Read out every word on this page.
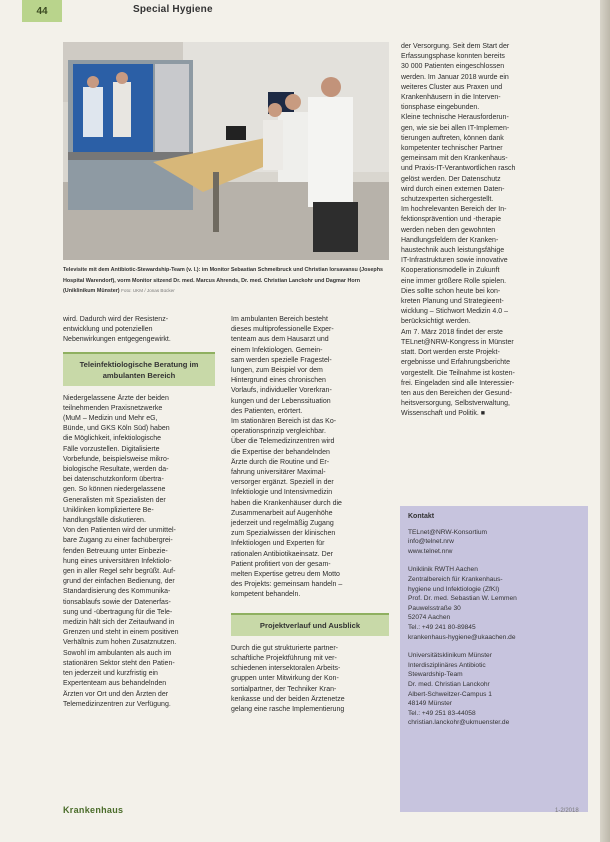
44	Special Hygiene
Televisite mit dem Antibiotic-Stewardship-Team (v. l.): im Monitor Sebastian Schmeibruck und Christian Iorsavansu (Josephs Hospital Warendorf), vorm Monitor sitzend Dr. med. Marcus Ahrends, Dr. med. Christian Lanckohr und Dagmar Horn (Uniklinikum Münster) Foto: UKM / Jonas Bücker

wird. Dadurch wird der Resistenz-
entwicklung und potenziellen
Nebenwirkungen entgegengewirkt.

Teleinfektiologische Beratung im ambulanten Bereich

Niedergelassene Ärzte der beiden
teilnehmenden Praxisnetzwerke
(MuM – Medizin und Mehr eG,
Bünde, und GKS Köln Süd) haben
die Möglichkeit, infektiologische
Fälle vorzustellen. Digitalisierte
Vorbefunde, beispielsweise mikro-
biologische Resultate, werden da-
bei datenschutzkonform übertra-
gen. So können niedergelassene
Generalisten mit Spezialisten der
Uniklinken kompliziertere Be-
handlungsfälle diskutieren.
Von den Patienten wird der unmittel-
bare Zugang zu einer fachübergrei-
fenden Betreuung unter Einbezie-
hung eines universitären Infektiolo-
gen in aller Regel sehr begrüßt. Auf-
grund der einfachen Bedienung, der
Standardisierung des Kommunika-
tionsablaufs sowie der Datenerfas-
sung und -übertragung für die Tele-
medizin hält sich der Zeitaufwand in
Grenzen und steht in einem positiven
Verhältnis zum hohen Zusatznutzen.
Sowohl im ambulanten als auch im
stationären Sektor steht den Patien-
ten jederzeit und kurzfristig ein
Expertenteam aus behandelnden
Ärzten vor Ort und den Ärzten der
Telemedizinzentren zur Verfügung.

Im ambulanten Bereich besteht
dieses multiprofessionelle Exper-
tenteam aus dem Hausarzt und
einem Infektiologen. Gemein-
sam werden spezielle Fragestel-
lungen, zum Beispiel vor dem
Hintergrund eines chronischen
Vorlaufs, individueller Vorerkran-
kungen und der Lebenssituation
des Patienten, erörtert.
Im stationären Bereich ist das Ko-
operationsprinzip vergleichbar.
Über die Telemedizinzentren wird
die Expertise der behandelnden
Ärzte durch die Routine und Er-
fahrung universitärer Maximal-
versorger ergänzt. Speziell in der
Infektiologie und Intensivmedizin
haben die Krankenhäuser durch die
Zusammenarbeit auf Augenhöhe
jederzeit und regelmäßig Zugang
zum Spezialwissen der klinischen
Infektiologen und Experten für
rationalen Antibiotikaeinsatz. Der
Patient profitiert von der gesam-
melten Expertise getreu dem Motto
des Projekts: gemeinsam handeln –
kompetent behandeln.

Projektverlauf und Ausblick

Durch die gut strukturierte partner-
schaftliche Projektführung mit ver-
schiedenen intersektoralen Arbeits-
gruppen unter Mitwirkung der Kon-
sortialpartner, der Techniker Kran-
kenkasse und der beiden Ärztenetze
gelang eine rasche Implementierung

der Versorgung. Seit dem Start der
Erfassungsphase konnten bereits
30 000 Patienten eingeschlossen
werden. Im Januar 2018 wurde ein
weiteres Cluster aus Praxen und
Krankenhäusern in die Interven-
tionsphase eingebunden.
Kleine technische Herausforderun-
gen, wie sie bei allen IT-Implemen-
tierungen auftreten, können dank
kompetenter technischer Partner
gemeinsam mit den Krankenhaus-
und Praxis-IT-Verantwortlichen rasch
gelöst werden. Der Datenschutz
wird durch einen externen Daten-
schutzexperten sichergestellt.
Im hochrelevanten Bereich der In-
fektionsprävention und -therapie
werden neben den gewohnten
Handlungsfeldern der Kranken-
haustechnik auch leistungsfähige
IT-Infrastrukturen sowie innovative
Kooperationsmodelle in Zukunft
eine immer größere Rolle spielen.
Dies sollte schon heute bei kon-
kreten Planung und Strategieent-
wicklung – Stichwort Medizin 4.0 –
berücksichtigt werden.
Am 7. März 2018 findet der erste
TELnet@NRW-Kongress in Münster
statt. Dort werden erste Projekt-
ergebnisse und Erfahrungsberichte
vorgestellt. Die Teilnahme ist kosten-
frei. Eingeladen sind alle Interessier-
ten aus den Bereichen der Gesund-
heitsversorgung, Selbstverwaltung,
Wissenschaft und Politik. ■

Kontakt
TELnet@NRW-Konsortium
info@telnet.nrw
www.telnet.nrw
Uniklinik RWTH Aachen
Zentralbereich für Krankenhaus-
hygiene und Infektiologie (ZfKI)
Prof. Dr. med. Sebastian W. Lemmen
Pauwelsstraße 30
52074 Aachen
Tel.: +49 241 80-89845
krankenhaus-hygiene@ukaachen.de
Universitätsklinikum Münster
Interdisziplinäres Antibiotic
Stewardship-Team
Dr. med. Christian Lanckohr
Albert-Schweitzer-Campus 1
48149 Münster
Tel.: +49 251 83-44058
christian.lanckohr@ukmuenster.de
Krankenhaus	1-2/2018
